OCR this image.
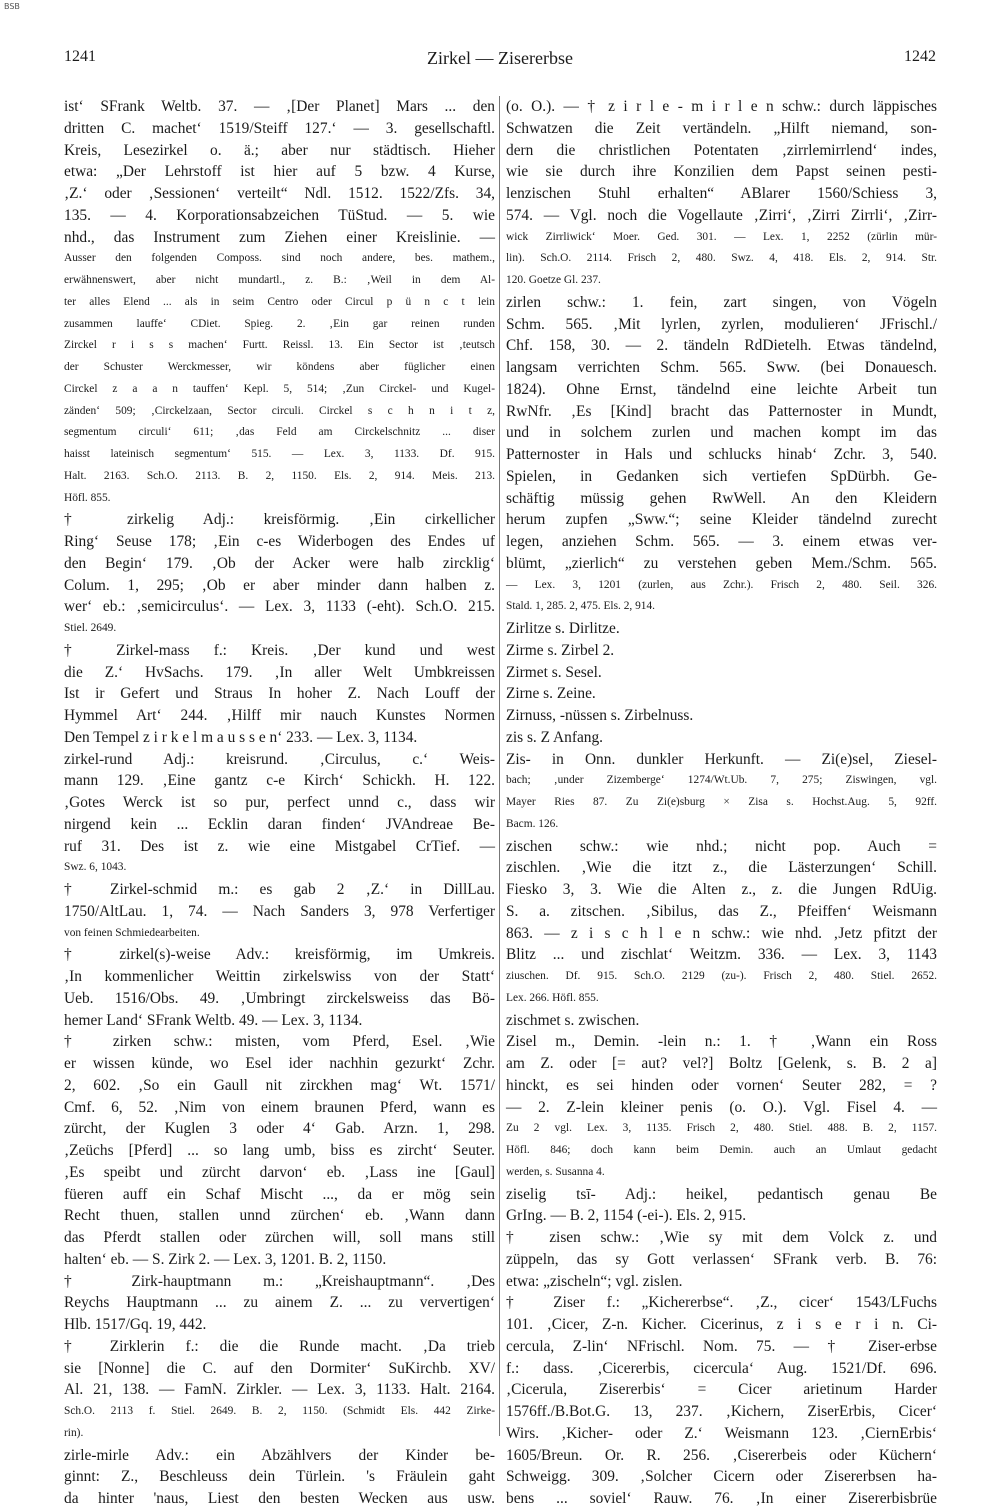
BSB
1241	Zirkel — Zisererbse	1242
ist‘ SFrank Weltb. 37. — ‚[Der Planet] Mars ... den
dritten C. machet‘ 1519/Steiff 127.‘ — 3. gesellschaftl.
Kreis, Lesezirkel o. ä.; aber nur städtisch. Hieher
etwa: „Der Lehrstoff ist hier auf 5 bzw. 4 Kurse,
‚Z.‘ oder ‚Sessionen‘ verteilt“ Ndl. 1512. 1522/Zfs. 34,
135. — 4. Korporationsabzeichen TüStud. — 5. wie
nhd., das Instrument zum Ziehen einer Kreislinie. —
Ausser den folgenden Composs. sind noch andere, bes. mathem.,
erwähnenswert, aber nicht mundartl., z. B.: ‚Weil in dem Al-
ter alles Elend ... als in seim Centro oder Circul p ü n c t lein
zusammen lauffe‘ CDiet. Spieg. 2. ‚Ein gar reinen runden
Zirckel r i s s machen‘ Furtt. Reissl. 13. Ein Sector ist ‚teutsch
der Schuster Werckmesser, wir köndens aber füglicher einen
Circkel z a a n tauffen‘ Kepl. 5, 514; ‚Zun Circkel- und Kugel-
zänden‘ 509; ‚Circkelzaan, Sector circuli. Circkel s c h n i t z,
segmentum circuli‘ 611; ‚das Feld am Circkelschnitz ... diser
haisst lateinisch segmentum‘ 515. — Lex. 3, 1133. Df. 915.
Halt. 2163. Sch.O. 2113. B. 2, 1150. Els. 2, 914. Meis. 213.
Höfl. 855.
† zirkelig Adj.: kreisförmig. ‚Ein cirkellicher
Ring‘ Seuse 178; ‚Ein c-es Widerbogen des Endes uf
den Begin‘ 179. ‚Ob der Acker were halb zircklig‘
Colum. 1, 295; ‚Ob er aber minder dann halben z.
wer‘ eb.: ‚semicirculus‘. — Lex. 3, 1133 (-eht). Sch.O. 215.
Stiel. 2649.
† Zirkel-mass f.: Kreis. ‚Der kund und west
die Z.‘ HvSachs. 179. ‚In aller Welt Umbkreissen
Ist ir Gefert und Straus In hoher Z. Nach Louff der
Hymmel Art‘ 244. ‚Hilff mir nauch Kunstes Normen
Den Tempel z i r k e l m a u s s e n‘ 233. — Lex. 3, 1134.
zirkel-rund Adj.: kreisrund. ‚Circulus, c.‘ Weis-
mann 129. ‚Eine gantz c-e Kirch‘ Schickh. H. 122.
‚Gotes Werck ist so pur, perfect unnd c., dass wir
nirgend kein ... Ecklin daran finden‘ JVAndreae Be-
ruf 31. Des ist z. wie eine Mistgabel CrTief. —
Swz. 6, 1043.
† Zirkel-schmid m.: es gab 2 ‚Z.‘ in DillLau.
1750/AltLau. 1, 74. — Nach Sanders 3, 978 Verfertiger
von feinen Schmiedearbeiten.
† zirkel(s)-weise Adv.: kreisförmig, im Umkreis.
‚In kommenlicher Weittin zirkelswiss von der Statt‘
Ueb. 1516/Obs. 49. ‚Umbringt zirckelsweiss das Bö-
hemer Land‘ SFrank Weltb. 49. — Lex. 3, 1134.
† zirken schw.: misten, vom Pferd, Esel. ‚Wie
er wissen künde, wo Esel ider nachhin gezurkt‘ Zchr.
2, 602. ‚So ein Gaull nit zirckhen mag‘ Wt. 1571/
Cmf. 6, 52. ‚Nim von einem braunen Pferd, wann es
zürcht, der Kuglen 3 oder 4‘ Gab. Arzn. 1, 298.
‚Zeüchs [Pferd] ... so lang umb, biss es zircht‘ Seuter.
‚Es speibt und zürcht darvon‘ eb. ‚Lass ine [Gaul]
füeren auff ein Schaf Mischt ..., da er mög sein
Recht thuen, stallen unnd zürchen‘ eb. ‚Wann dann
das Pferdt stallen oder zürchen will, soll mans still
halten‘ eb. — S. Zirk 2. — Lex. 3, 1201. B. 2, 1150.
† Zirk-hauptmann m.: „Kreishauptmann“. ‚Des
Reychs Hauptmann ... zu ainem Z. ... zu ververtigen‘
Hlb. 1517/Gq. 19, 442.
† Zirklerin f.: die die Runde macht. ‚Da trieb
sie [Nonne] die C. auf den Dormiter‘ SuKirchb. XV/
Al. 21, 138. — FamN. Zirkler. — Lex. 3, 1133. Halt. 2164.
Sch.O. 2113 f. Stiel. 2649. B. 2, 1150. (Schmidt Els. 442 Zirke-
rin).
zirle-mirle Adv.: ein Abzählvers der Kinder be-
ginnt: Z., Beschleuss dein Türlein. 's Fräulein gaht
da hinter 'naus, Liest den besten Wecken aus usw.
(o. O.). — † z i r l e - m i r l e n schw.: durch läppisches
Schwatzen die Zeit vertändeln. „Hilft niemand, son-
dern die christlichen Potentaten ‚zirrlemirrlend‘ indes,
wie sie durch ihre Konzilien dem Papst seinen pesti-
lenzischen Stuhl erhalten“ ABlarer 1560/Schiess 3,
574. — Vgl. noch die Vogellaute ‚Zirri‘, ‚Zirri Zirrli‘, ‚Zirr-
wick Zirrliwick‘ Moer. Ged. 301. — Lex. 1, 2252 (zürlin mür-
lin). Sch.O. 2114. Frisch 2, 480. Swz. 4, 418. Els. 2, 914. Str.
120. Goetze Gl. 237.
zirlen schw.: 1. fein, zart singen, von Vögeln
Schm. 565. ‚Mit lyrlen, zyrlen, modulieren‘ JFrischl./
Chf. 158, 30. — 2. tändeln RdDietelh. Etwas tändelnd,
langsam verrichten Schm. 565. Sww. (bei Donauesch.
1824). Ohne Ernst, tändelnd eine leichte Arbeit tun
RwNfr. ‚Es [Kind] bracht das Patternoster in Mundt,
und in solchem zurlen und machen kompt im das
Patternoster in Hals und schlucks hinab‘ Zchr. 3, 540.
Spielen, in Gedanken sich vertiefen SpDürbh. Ge-
schäftig müssig gehen RwWell. An den Kleidern
herum zupfen „Sww.“; seine Kleider tändelnd zurecht
legen, anziehen Schm. 565. — 3. einem etwas ver-
blümt, „zierlich“ zu verstehen geben Mem./Schm. 565.
— Lex. 3, 1201 (zurlen, aus Zchr.). Frisch 2, 480. Seil. 326.
Stald. 1, 285. 2, 475. Els. 2, 914.
Zirlitze s. Dirlitze.
Zirme s. Zirbel 2.
Zirmet s. Sesel.
Zirne s. Zeine.
Zirnuss, -nüssen s. Zirbelnuss.
zis s. Z Anfang.
Zis- in Onn. dunkler Herkunft. — Zi(e)sel, Ziesel-
bach; ‚under Zizemberge‘ 1274/Wt.Ub. 7, 275; Ziswingen, vgl.
Mayer Ries 87. Zu Zi(e)sburg × Zisa s. Hochst.Aug. 5, 92ff.
Bacm. 126.
zischen schw.: wie nhd.; nicht pop. Auch =
zischlen. ‚Wie die itzt z., die Lästerzungen‘ Schill.
Fiesko 3, 3. Wie die Alten z., z. die Jungen RdUig.
S. a. zitschen. ‚Sibilus, das Z., Pfeiffen‘ Weismann
863. — z i s c h l e n schw.: wie nhd. ‚Jetz pfitzt der
Blitz ... und zischlat‘ Weitzm. 336. — Lex. 3, 1143
ziuschen. Df. 915. Sch.O. 2129 (zu-). Frisch 2, 480. Stiel. 2652.
Lex. 266. Höfl. 855.
zischmet s. zwischen.
Zisel m., Demin. -lein n.: 1. † ‚Wann ein Ross
am Z. oder [= aut? vel?] Boltz [Gelenk, s. B. 2 a]
hinckt, es sei hinden oder vornen‘ Seuter 282, = ?
— 2. Z-lein kleiner penis (o. O.). Vgl. Fisel 4. —
Zu 2 vgl. Lex. 3, 1135. Frisch 2, 480. Stiel. 488. B. 2, 1157.
Höfl. 846; doch kann beim Demin. auch an Umlaut gedacht
werden, s. Susanna 4.
ziselig tsī- Adj.: heikel, pedantisch genau Be
GrIng. — B. 2, 1154 (-ei-). Els. 2, 915.
† zisen schw.: ‚Wie sy mit dem Volck z. und
züppeln, das sy Gott verlassen‘ SFrank verb. B. 76:
etwa: „zischeln“; vgl. zislen.
† Ziser f.: „Kichererbse“. ‚Z., cicer‘ 1543/LFuchs
101. ‚Cicer, Z-n. Kicher. Cicerinus, z i s e r i n. Ci-
cercula, Z-lin‘ NFrischl. Nom. 75. — † Ziser-erbse
f.: dass. ‚Cicererbis, cicercula‘ Aug. 1521/Df. 696.
‚Cicerula, Zisererbis‘ = Cicer arietinum Harder
1576ff./B.Bot.G. 13, 237. ‚Kichern, ZiserErbis, Cicer‘
Wirs. ‚Kicher- oder Z.‘ Weismann 123. ‚CiernErbis‘
1605/Breun. Or. R. 256. ‚Cisererbeis oder Küchern‘
Schweigg. 309. ‚Solcher Cicern oder Zisererbsen ha-
bens ... soviel‘ Rauw. 76. ‚In einer Zisererbisbrüe
